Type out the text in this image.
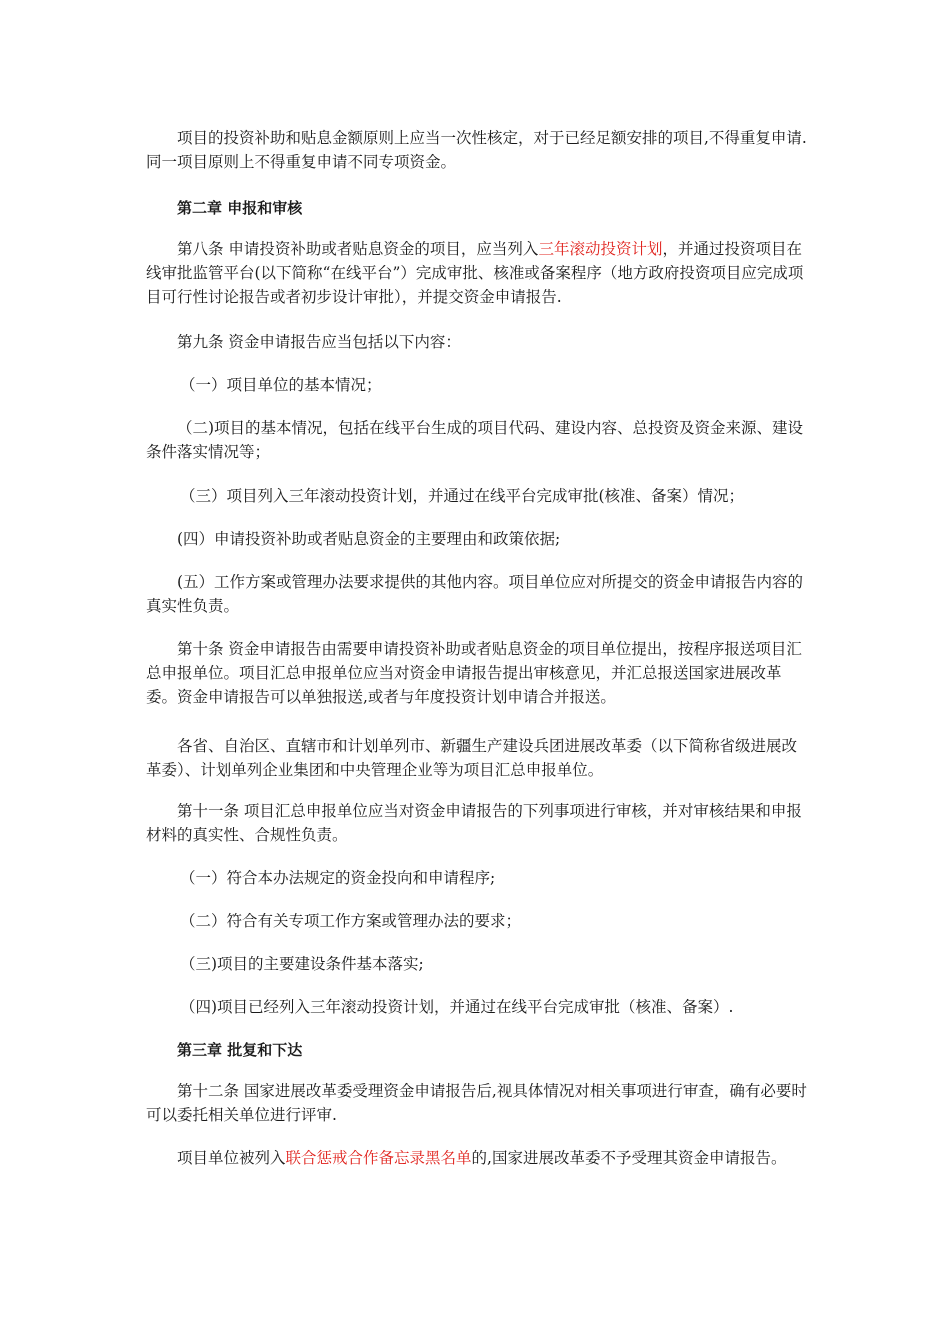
项目的投资补助和贴息金额原则上应当一次性核定，对于已经足额安排的项目,不得重复申请.同一项目原则上不得重复申请不同专项资金。

第二章 申报和审核

第八条 申请投资补助或者贴息资金的项目，应当列入三年滚动投资计划，并通过投资项目在线审批监管平台(以下简称“在线平台”）完成审批、核准或备案程序（地方政府投资项目应完成项目可行性讨论报告或者初步设计审批），并提交资金申请报告.

第九条 资金申请报告应当包括以下内容：

（一）项目单位的基本情况；

（二)项目的基本情况，包括在线平台生成的项目代码、建设内容、总投资及资金来源、建设条件落实情况等；

（三）项目列入三年滚动投资计划，并通过在线平台完成审批(核准、备案）情况；

(四）申请投资补助或者贴息资金的主要理由和政策依据;

(五）工作方案或管理办法要求提供的其他内容。项目单位应对所提交的资金申请报告内容的真实性负责。

第十条 资金申请报告由需要申请投资补助或者贴息资金的项目单位提出，按程序报送项目汇总申报单位。项目汇总申报单位应当对资金申请报告提出审核意见，并汇总报送国家进展改革委。资金申请报告可以单独报送,或者与年度投资计划申请合并报送。

各省、自治区、直辖市和计划单列市、新疆生产建设兵团进展改革委（以下简称省级进展改革委）、计划单列企业集团和中央管理企业等为项目汇总申报单位。

第十一条 项目汇总申报单位应当对资金申请报告的下列事项进行审核，并对审核结果和申报材料的真实性、合规性负责。

（一）符合本办法规定的资金投向和申请程序;

（二）符合有关专项工作方案或管理办法的要求；

（三)项目的主要建设条件基本落实;

（四)项目已经列入三年滚动投资计划，并通过在线平台完成审批（核准、备案）.

第三章 批复和下达

第十二条 国家进展改革委受理资金申请报告后,视具体情况对相关事项进行审查，确有必要时可以委托相关单位进行评审.

项目单位被列入联合惩戒合作备忘录黑名单的,国家进展改革委不予受理其资金申请报告。
